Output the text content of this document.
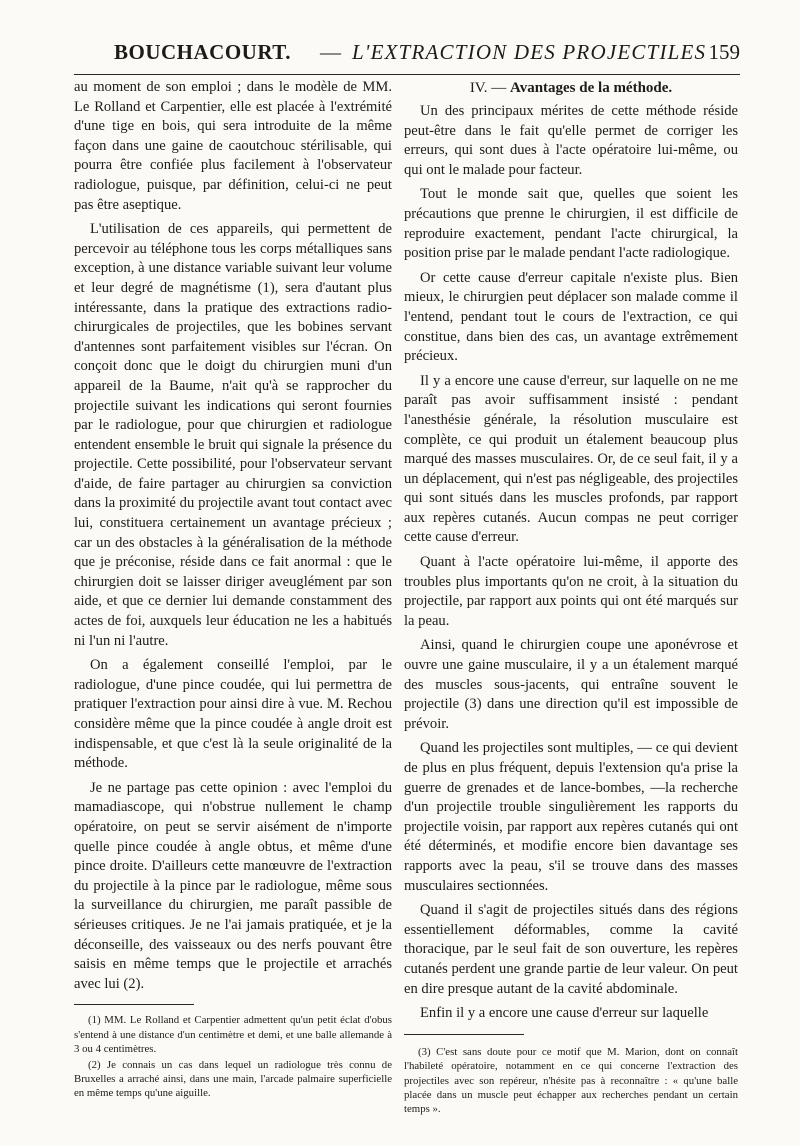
BOUCHACOURT. — L'EXTRACTION DES PROJECTILES 159

au moment de son emploi ; dans le modèle de MM. Le Rolland et Carpentier, elle est placée à l'extrémité d'une tige en bois, qui sera introduite de la même façon dans une gaine de caoutchouc stérilisable, qui pourra être confiée plus facilement à l'observateur radiologue, puisque, par définition, celui-ci ne peut pas être aseptique.

L'utilisation de ces appareils, qui permettent de percevoir au téléphone tous les corps métalliques sans exception, à une distance variable suivant leur volume et leur degré de magnétisme (1), sera d'autant plus intéressante, dans la pratique des extractions radio-chirurgicales de projectiles, que les bobines servant d'antennes sont parfaitement visibles sur l'écran. On conçoit donc que le doigt du chirurgien muni d'un appareil de la Baume, n'ait qu'à se rapprocher du projectile suivant les indications qui seront fournies par le radiologue, pour que chirurgien et radiologue entendent ensemble le bruit qui signale la présence du projectile. Cette possibilité, pour l'observateur servant d'aide, de faire partager au chirurgien sa conviction dans la proximité du projectile avant tout contact avec lui, constituera certainement un avantage précieux ; car un des obstacles à la généralisation de la méthode que je préconise, réside dans ce fait anormal : que le chirurgien doit se laisser diriger aveuglément par son aide, et que ce dernier lui demande constamment des actes de foi, auxquels leur éducation ne les a habitués ni l'un ni l'autre.

On a également conseillé l'emploi, par le radiologue, d'une pince coudée, qui lui permettra de pratiquer l'extraction pour ainsi dire à vue. M. Rechou considère même que la pince coudée à angle droit est indispensable, et que c'est là la seule originalité de la méthode.

Je ne partage pas cette opinion : avec l'emploi du mamadiascope, qui n'obstrue nullement le champ opératoire, on peut se servir aisément de n'importe quelle pince coudée à angle obtus, et même d'une pince droite. D'ailleurs cette manœuvre de l'extraction du projectile à la pince par le radiologue, même sous la surveillance du chirurgien, me paraît passible de sérieuses critiques. Je ne l'ai jamais pratiquée, et je la déconseille, des vaisseaux ou des nerfs pouvant être saisis en même temps que le projectile et arrachés avec lui (2).

(1) MM. Le Rolland et Carpentier admettent qu'un petit éclat d'obus s'entend à une distance d'un centimètre et demi, et une balle allemande à 3 ou 4 centimètres.

(2) Je connais un cas dans lequel un radiologue très connu de Bruxelles a arraché ainsi, dans une main, l'arcade palmaire superficielle en même temps qu'une aiguille.

IV. — Avantages de la méthode.

Un des principaux mérites de cette méthode réside peut-être dans le fait qu'elle permet de corriger les erreurs, qui sont dues à l'acte opératoire lui-même, ou qui ont le malade pour facteur.

Tout le monde sait que, quelles que soient les précautions que prenne le chirurgien, il est difficile de reproduire exactement, pendant l'acte chirurgical, la position prise par le malade pendant l'acte radiologique.

Or cette cause d'erreur capitale n'existe plus. Bien mieux, le chirurgien peut déplacer son malade comme il l'entend, pendant tout le cours de l'extraction, ce qui constitue, dans bien des cas, un avantage extrêmement précieux.

Il y a encore une cause d'erreur, sur laquelle on ne me paraît pas avoir suffisamment insisté : pendant l'anesthésie générale, la résolution musculaire est complète, ce qui produit un étalement beaucoup plus marqué des masses musculaires. Or, de ce seul fait, il y a un déplacement, qui n'est pas négligeable, des projectiles qui sont situés dans les muscles profonds, par rapport aux repères cutanés. Aucun compas ne peut corriger cette cause d'erreur.

Quant à l'acte opératoire lui-même, il apporte des troubles plus importants qu'on ne croit, à la situation du projectile, par rapport aux points qui ont été marqués sur la peau.

Ainsi, quand le chirurgien coupe une aponévrose et ouvre une gaine musculaire, il y a un étalement marqué des muscles sous-jacents, qui entraîne souvent le projectile (3) dans une direction qu'il est impossible de prévoir.

Quand les projectiles sont multiples, — ce qui devient de plus en plus fréquent, depuis l'extension qu'a prise la guerre de grenades et de lance-bombes, —la recherche d'un projectile trouble singulièrement les rapports du projectile voisin, par rapport aux repères cutanés qui ont été déterminés, et modifie encore bien davantage ses rapports avec la peau, s'il se trouve dans des masses musculaires sectionnées.

Quand il s'agit de projectiles situés dans des régions essentiellement déformables, comme la cavité thoracique, par le seul fait de son ouverture, les repères cutanés perdent une grande partie de leur valeur. On peut en dire presque autant de la cavité abdominale.

Enfin il y a encore une cause d'erreur sur laquelle

(3) C'est sans doute pour ce motif que M. Marion, dont on connaît l'habileté opératoire, notamment en ce qui concerne l'extraction des projectiles avec son repéreur, n'hésite pas à reconnaître : « qu'une balle placée dans un muscle peut échapper aux recherches pendant un certain temps ».
